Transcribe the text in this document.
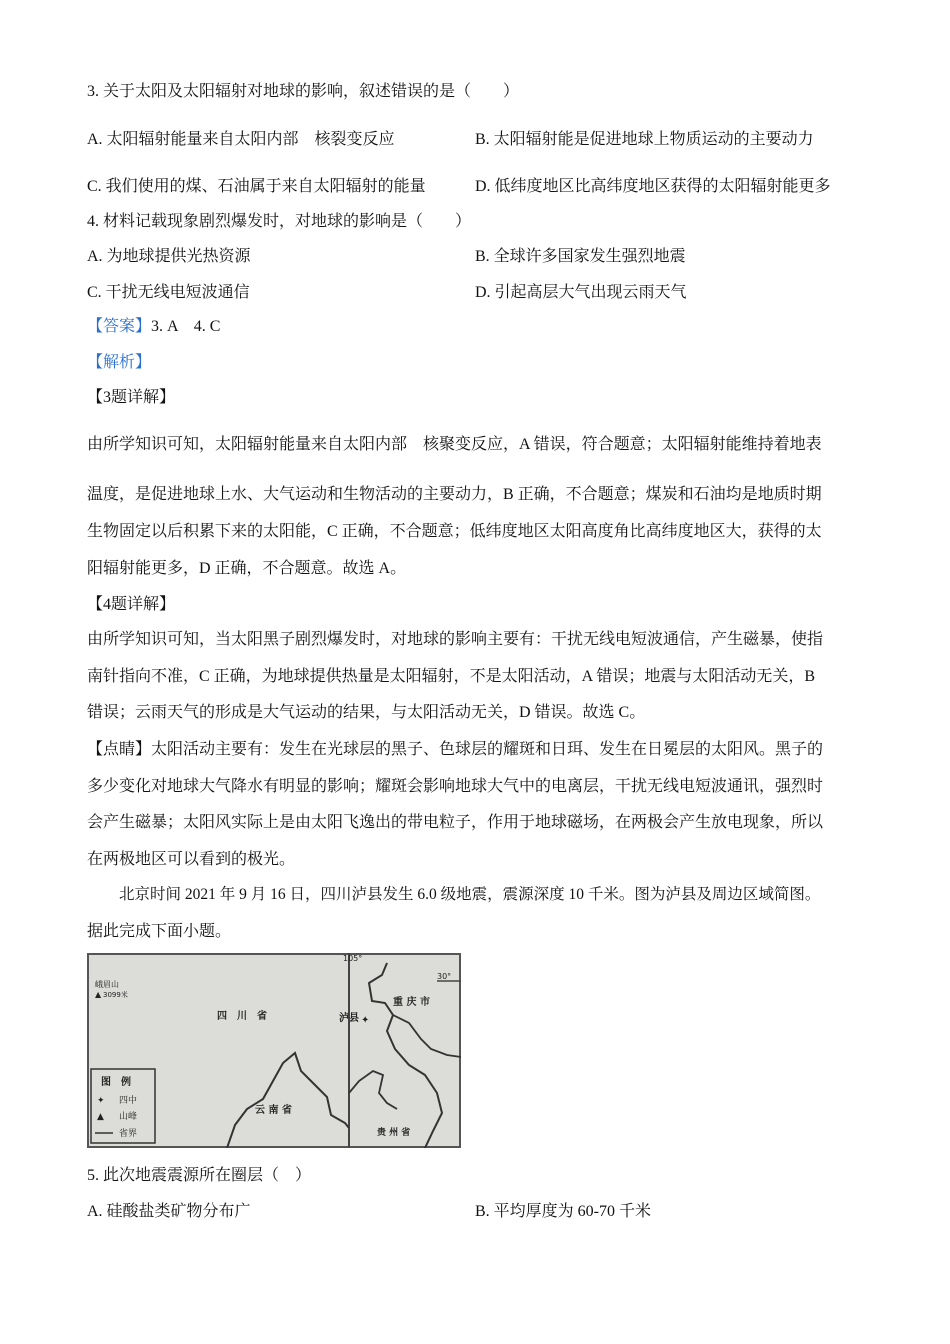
3. 关于太阳及太阳辐射对地球的影响，叙述错误的是（　　）
A. 太阳辐射能量来自太阳内部　核裂变反应	B. 太阳辐射能是促进地球上物质运动的主要动力
C. 我们使用的煤、石油属于来自太阳辐射的能量	D. 低纬度地区比高纬度地区获得的太阳辐射能更多
4. 材料记载现象剧烈爆发时，对地球的影响是（　　）
A. 为地球提供光热资源	B. 全球许多国家发生强烈地震
C. 干扰无线电短波通信	D. 引起高层大气出现云雨天气
【答案】3. A　4. C
【解析】
【3题详解】
由所学知识可知，太阳辐射能量来自太阳内部　核聚变反应，A 错误，符合题意；太阳辐射能维持着地表
温度，是促进地球上水、大气运动和生物活动的主要动力，B 正确，不合题意；煤炭和石油均是地质时期
生物固定以后积累下来的太阳能，C 正确，不合题意；低纬度地区太阳高度角比高纬度地区大，获得的太
阳辐射能更多，D 正确，不合题意。故选 A。
【4题详解】
由所学知识可知，当太阳黑子剧烈爆发时，对地球的影响主要有：干扰无线电短波通信，产生磁暴，使指
南针指向不准，C 正确，为地球提供热量是太阳辐射，不是太阳活动，A 错误；地震与太阳活动无关，B
错误；云雨天气的形成是大气运动的结果，与太阳活动无关，D 错误。故选 C。
【点睛】太阳活动主要有：发生在光球层的黑子、色球层的耀斑和日珥、发生在日冕层的太阳风。黑子的
多少变化对地球大气降水有明显的影响；耀斑会影响地球大气中的电离层，干扰无线电短波通讯，强烈时
会产生磁暴；太阳风实际上是由太阳飞逸出的带电粒子，作用于地球磁场，在两极会产生放电现象，所以
在两极地区可以看到的极光。
北京时间 2021 年 9 月 16 日，四川泸县发生 6.0 级地震，震源深度 10 千米。图为泸县及周边区域简图。
据此完成下面小题。
105°
30°
峨眉山
▲ 3099米
四　川　省
重 庆 市
✦
泸县
云 南 省
贵 州 省
图　例
✦ 四中
▲ 山峰
省界
5. 此次地震震源所在圈层（　）
A. 硅酸盐类矿物分布广	B. 平均厚度为 60-70 千米
